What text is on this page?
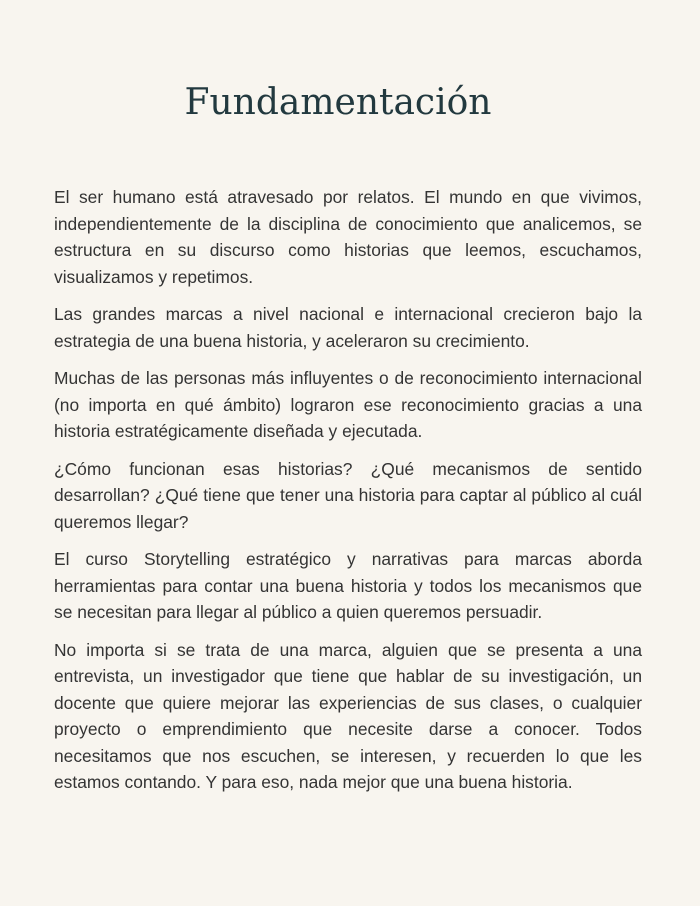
Fundamentación

El ser humano está atravesado por relatos. El mundo en que vivimos, independientemente de la disciplina de conocimiento que analicemos, se estructura en su discurso como historias que leemos, escuchamos, visualizamos y repetimos.

Las grandes marcas a nivel nacional e internacional crecieron bajo la estrategia de una buena historia, y aceleraron su crecimiento.

Muchas de las personas más influyentes o de reconocimiento internacional (no importa en qué ámbito) lograron ese reconocimiento gracias a una historia estratégicamente diseñada y ejecutada.

¿Cómo funcionan esas historias? ¿Qué mecanismos de sentido desarrollan? ¿Qué tiene que tener una historia para captar al público al cuál queremos llegar?

El curso Storytelling estratégico y narrativas para marcas aborda herramientas para contar una buena historia y todos los mecanismos que se necesitan para llegar al público a quien queremos persuadir.

No importa si se trata de una marca, alguien que se presenta a una entrevista, un investigador que tiene que hablar de su investigación, un docente que quiere mejorar las experiencias de sus clases, o cualquier proyecto o emprendimiento que necesite darse a conocer. Todos necesitamos que nos escuchen, se interesen, y recuerden lo que les estamos contando. Y para eso, nada mejor que una buena historia.
